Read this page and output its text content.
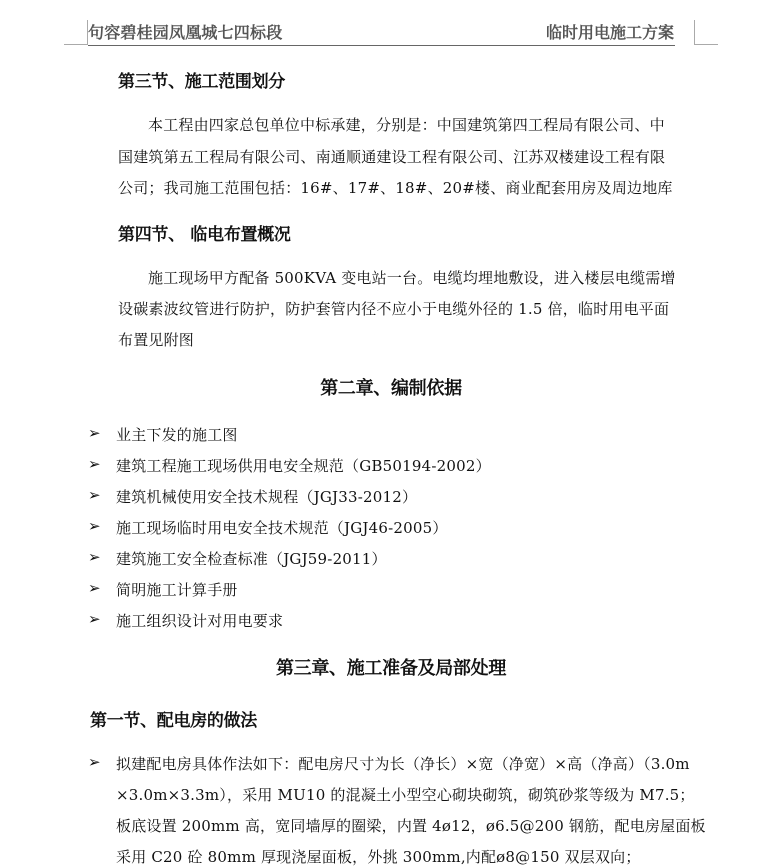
句容碧桂园凤凰城七四标段	临时用电施工方案
第三节、施工范围划分
本工程由四家总包单位中标承建，分别是：中国建筑第四工程局有限公司、中
国建筑第五工程局有限公司、南通顺通建设工程有限公司、江苏双楼建设工程有限
公司；我司施工范围包括：16#、17#、18#、20#楼、商业配套用房及周边地库
第四节、 临电布置概况
施工现场甲方配备 500KVA 变电站一台。电缆均埋地敷设，进入楼层电缆需增
设碳素波纹管进行防护，防护套管内径不应小于电缆外径的 1.5 倍，临时用电平面
布置见附图
第二章、编制依据
➢ 业主下发的施工图
➢ 建筑工程施工现场供用电安全规范（GB50194-2002）
➢ 建筑机械使用安全技术规程（JGJ33-2012）
➢ 施工现场临时用电安全技术规范（JGJ46-2005）
➢ 建筑施工安全检查标准（JGJ59-2011）
➢ 简明施工计算手册
➢ 施工组织设计对用电要求
第三章、施工准备及局部处理
第一节、配电房的做法
➢ 拟建配电房具体作法如下：配电房尺寸为长（净长）×宽（净宽）×高（净高）（3.0m
×3.0m×3.3m），采用 MU10 的混凝土小型空心砌块砌筑，砌筑砂浆等级为 M7.5；
板底设置 200mm 高，宽同墙厚的圈梁，内置 4ø12，ø6.5@200 钢筋，配电房屋面板
采用 C20 砼 80mm 厚现浇屋面板，外挑 300mm,内配ø8@150 双层双向；
